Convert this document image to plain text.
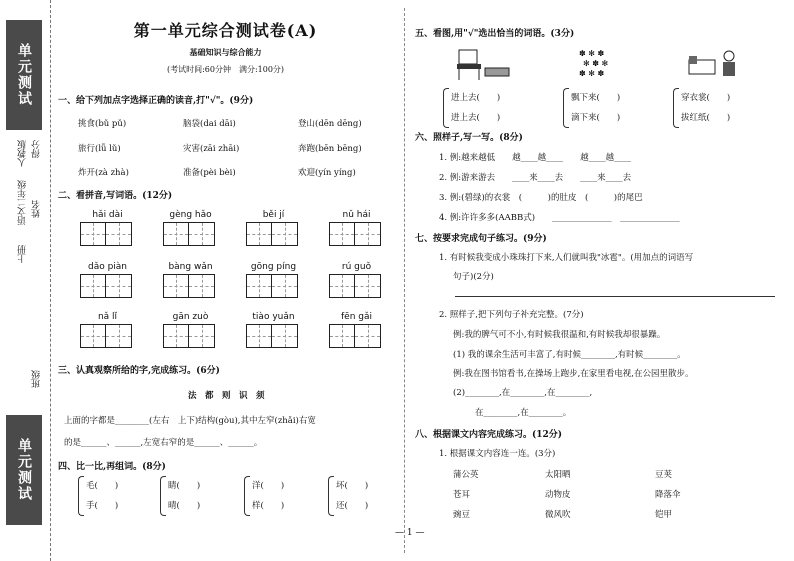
单元测试
语文二年级
上册
人教版 得分
姓名
班级
单元测试
第一单元综合测试卷(A)
基础知识与综合能力
(考试时间:60分钟　满分:100分)
一、给下列加点字选择正确的读音,打"√"。(9分)
挑食(bǔ pǔ)	脑袋(dai dāi)	登山(dēn dēng)
旅行(lǚ lǔ)	灾害(zāi zhāi)	奔跑(bēn bēng)
炸开(zà zhà)	准备(pèi bèi)	欢迎(yín yíng)
二、看拼音,写词语。(12分)
hǎi dài	gèng hǎo	běi jí	nǔ hái
dǎo piàn	bàng wǎn	gōng píng	rú guǒ
nǎ lǐ	gān zuò	tiào yuǎn	fēn gǎi
三、认真观察所给的字,完成练习。(6分)
法　都　则　识　须
上面的字都是________(左右　上下)结构(gòu),其中左窄(zhǎi)右宽
的是______、______,左宽右窄的是______、______。
四、比一比,再组词。(8分)
毛(　　)
手(　　)
睛(　　)
晴(　　)
洋(　　)
样(　　)
坏(　　)
还(　　)
五、看图,用"√"选出恰当的词语。(3分)
✽ ✻ ✽
✻ ✽ ✻
✽ ✻ ✽
进上去(　　)
进上去(　　)
飘下来(　　)
滴下来(　　)
穿衣裳(　　)
拔红纸(　　)
六、照样子,写一写。(8分)
1. 例:越来越低　　越____越____　　越____越____
2. 例:游来游去　　____来____去　　____来____去
3. 例:(碧绿)的衣裳　(　　　)的肚皮　(　　　)的尾巴
4. 例:许许多多(AABB式)　　______________　______________
七、按要求完成句子练习。(9分)
1. 有时候我变成小珠珠打下来,人们就叫我"冰雹"。(用加点的词语写
句子)(2分)
2. 照样子,把下列句子补充完整。(7分)
例:我的脾气可不小,有时候我很温和,有时候我却很暴躁。
(1) 我的课余生活可丰富了,有时候________,有时候________。
例:我在图书馆看书,在操场上跑步,在家里看电视,在公园里散步。
(2)________,在________,在________,
在________,在________。
八、根据课文内容完成练习。(12分)
1. 根据课文内容连一连。(3分)
蒲公英	太阳晒	豆荚
苍耳	动物皮	降落伞
豌豆	微风吹	铠甲
— 1 —
